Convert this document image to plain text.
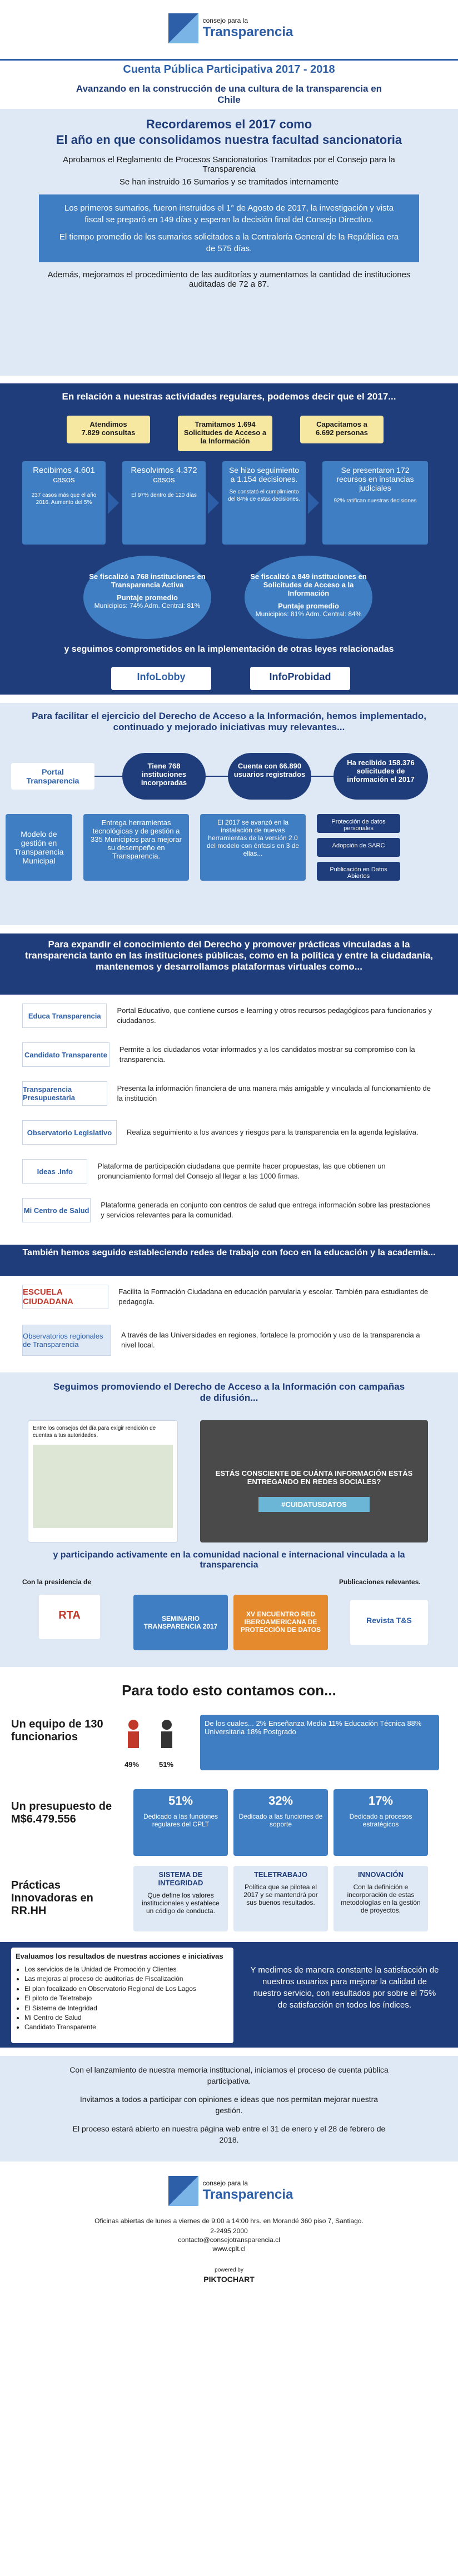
consejo para la
Transparencia
Cuenta Pública Participativa 2017 - 2018
Avanzando en la construcción de una cultura de la transparencia en Chile
Recordaremos el 2017 como
El año en que consolidamos nuestra facultad sancionatoria
Aprobamos el Reglamento de Procesos Sancionatorios Tramitados por el Consejo para la Transparencia
Se han instruido 16 Sumarios y se tramitados internamente
Los primeros sumarios, fueron instruidos el 1° de Agosto de 2017, la investigación y vista fiscal se preparó en 149 días y esperan la decisión final del Consejo Directivo.
El tiempo promedio de los sumarios solicitados a la Contraloría General de la República era de 575 días.
Además, mejoramos el procedimiento de las auditorías y aumentamos la cantidad de instituciones auditadas de 72 a 87.
En relación a nuestras actividades regulares, podemos decir que el 2017...
Atendimos
7.829 consultas
Tramitamos 1.694
Solicitudes de Acceso a la Información
Capacitamos a
6.692 personas
Recibimos 4.601 casos
237 casos más que el año 2016. Aumento del 5%
Resolvimos 4.372 casos
El 97% dentro de 120 días
Se hizo seguimiento a 1.154 decisiones.
Se constató el cumplimiento del 84% de estas decisiones.
Se presentaron 172 recursos en instancias judiciales
92% ratifican nuestras decisiones
Se fiscalizó a 768 instituciones en Transparencia Activa
Puntaje promedio
Municipios: 74% Adm. Central: 81%
Se fiscalizó a 849 instituciones en Solicitudes de Acceso a la Información
Puntaje promedio
Municipios: 81% Adm. Central: 84%
y seguimos comprometidos en la implementación de otras leyes relacionadas
InfoLobby	InfoProbidad
Para facilitar el ejercicio del Derecho de Acceso a la Información, hemos implementado, continuado y mejorado iniciativas muy relevantes...
Portal Transparencia
Tiene 768 instituciones incorporadas
Cuenta con 66.890 usuarios registrados
Ha recibido 158.376 solicitudes de información el 2017
Modelo de gestión en Transparencia Municipal
Entrega herramientas tecnológicas y de gestión a 335 Municipios para mejorar su desempeño en Transparencia.
El 2017 se avanzó en la instalación de nuevas herramientas de la versión 2.0 del modelo con énfasis en 3 de ellas...
Protección de datos personales
Adopción de SARC
Publicación en Datos Abiertos
Para expandir el conocimiento del Derecho y promover prácticas vinculadas a la transparencia tanto en las instituciones públicas, como en la política y entre la ciudadanía, mantenemos y desarrollamos plataformas virtuales como...
Educa Transparencia
Portal Educativo, que contiene cursos e-learning y otros recursos pedagógicos para funcionarios y ciudadanos.
Candidato Transparente
Permite a los ciudadanos votar informados y a los candidatos mostrar su compromiso con la transparencia.
Transparencia Presupuestaria
Presenta la información financiera de una manera más amigable y vinculada al funcionamiento de la institución
Observatorio Legislativo	Realiza seguimiento a los avances y riesgos para la transparencia en la agenda legislativa.
Ideas .Info
Plataforma de participación ciudadana que permite hacer propuestas, las que obtienen un pronunciamiento formal del Consejo al llegar a las 1000 firmas.
Mi Centro de Salud
Plataforma generada en conjunto con centros de salud que entrega información sobre las prestaciones y servicios relevantes para la comunidad.
También hemos seguido estableciendo redes de trabajo con foco en la educación y la academia...
ESCUELA CIUDADANA
Facilita la Formación Ciudadana en educación parvularia y escolar. También para estudiantes de pedagogía.
Observatorios regionales de Transparencia
A través de las Universidades en regiones, fortalece la promoción y uso de la transparencia a nivel local.
Seguimos promoviendo el Derecho de Acceso a la Información con campañas de difusión...
Entre los consejos del día para exigir rendición de cuentas a tus autoridades.
ESTÁS CONSCIENTE DE CUÁNTA INFORMACIÓN ESTÁS ENTREGANDO EN REDES SOCIALES?
#CUIDATUSDATOS
y participando activamente en la comunidad nacional e internacional vinculada a la transparencia
Con la presidencia de	Publicaciones relevantes.
RTA	SEMINARIO TRANSPARENCIA 2017
XV ENCUENTRO RED IBEROAMERICANA DE PROTECCIÓN DE DATOS
Revista T&S
Para todo esto contamos con...
Un equipo de 130 funcionarios
49%	51%
De los cuales... 2% Enseñanza Media 11% Educación Técnica 88% Universitaria 18% Postgrado
Un presupuesto de M$6.479.556
51%
Dedicado a las funciones regulares del CPLT
32%
Dedicado a las funciones de soporte
17%
Dedicado a procesos estratégicos
Prácticas Innovadoras en RR.HH
SISTEMA DE INTEGRIDAD
Que define los valores institucionales y establece un código de conducta.
TELETRABAJO
Política que se pilotea el 2017 y se mantendrá por sus buenos resultados.
INNOVACIÓN
Con la definición e incorporación de estas metodologías en la gestión de proyectos.
Evaluamos los resultados de nuestras acciones e iniciativas
• Los servicios de la Unidad de Promoción y Clientes
• Las mejoras al proceso de auditorías de Fiscalización
• El plan focalizado en Observatorio Regional de Los Lagos
• El piloto de Teletrabajo
• El Sistema de Integridad
• Mi Centro de Salud
• Candidato Transparente
Y medimos de manera constante la satisfacción de nuestros usuarios para mejorar la calidad de nuestro servicio, con resultados por sobre el 75% de satisfacción en todos los índices.
Con el lanzamiento de nuestra memoria institucional, iniciamos el proceso de cuenta pública participativa.
Invitamos a todos a participar con opiniones e ideas que nos permitan mejorar nuestra gestión.
El proceso estará abierto en nuestra página web entre el 31 de enero y el 28 de febrero de 2018.
consejo para la
Transparencia
Oficinas abiertas de lunes a viernes de 9:00 a 14:00 hrs. en Morandé 360 piso 7, Santiago.
2-2495 2000
contacto@consejotransparencia.cl
www.cplt.cl
powered by
PIKTOCHART
